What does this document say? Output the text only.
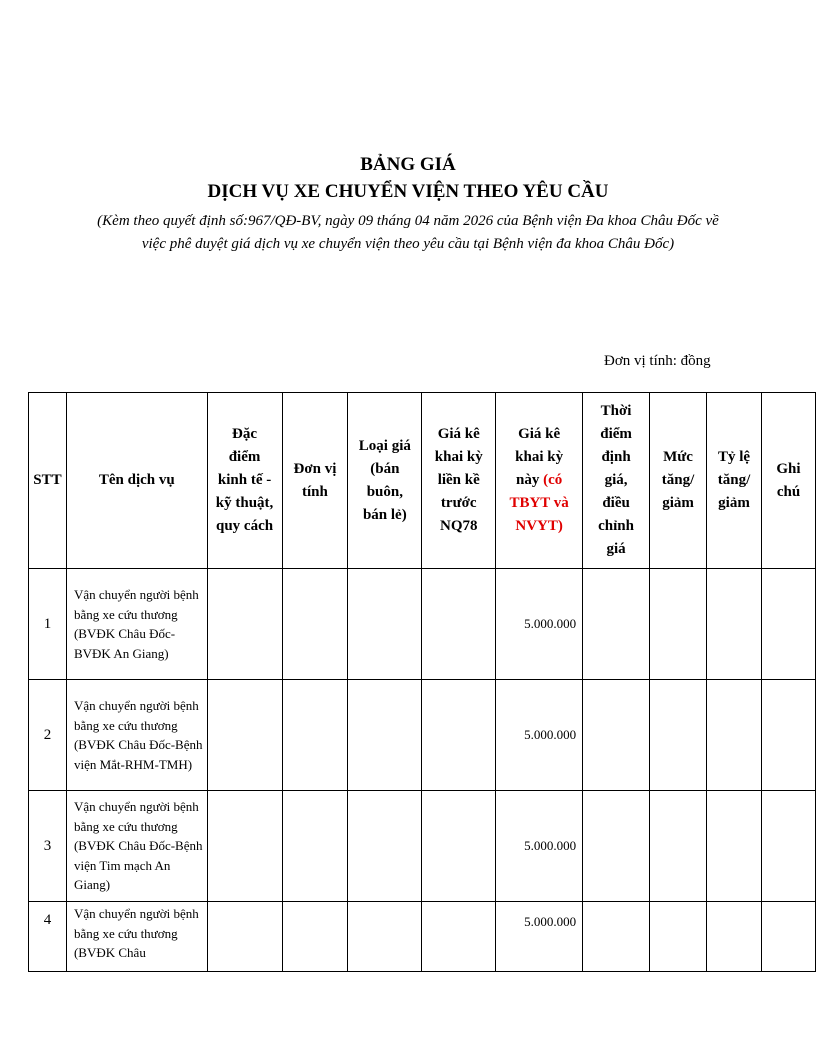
BẢNG GIÁ
DỊCH VỤ XE CHUYỂN VIỆN THEO YÊU CẦU
(Kèm theo quyết định số:967/QĐ-BV, ngày 09 tháng 04 năm 2026 của Bệnh viện Đa khoa Châu Đốc về việc phê duyệt giá dịch vụ xe chuyển viện theo yêu cầu tại Bệnh viện đa khoa Châu Đốc)
Đơn vị tính: đồng
STT	Tên dịch vụ	Đặc điểm kinh tế - kỹ thuật, quy cách	Đơn vị tính	Loại giá (bán buôn, bán lẻ)	Giá kê khai kỳ liền kề trước NQ78	Giá kê khai kỳ này (có TBYT và NVYT)	Thời điểm định giá, điều chỉnh giá	Mức tăng/ giảm	Tỷ lệ tăng/ giảm	Ghi chú
1	Vận chuyển người bệnh bằng xe cứu thương (BVĐK Châu Đốc-BVĐK An Giang)					5.000.000				
2	Vận chuyển người bệnh bằng xe cứu thương (BVĐK Châu Đốc-Bệnh viện Mắt-RHM-TMH)					5.000.000				
3	Vận chuyển người bệnh bằng xe cứu thương (BVĐK Châu Đốc-Bệnh viện Tim mạch An Giang)					5.000.000				
4	Vận chuyển người bệnh bằng xe cứu thương (BVĐK Châu					5.000.000				
